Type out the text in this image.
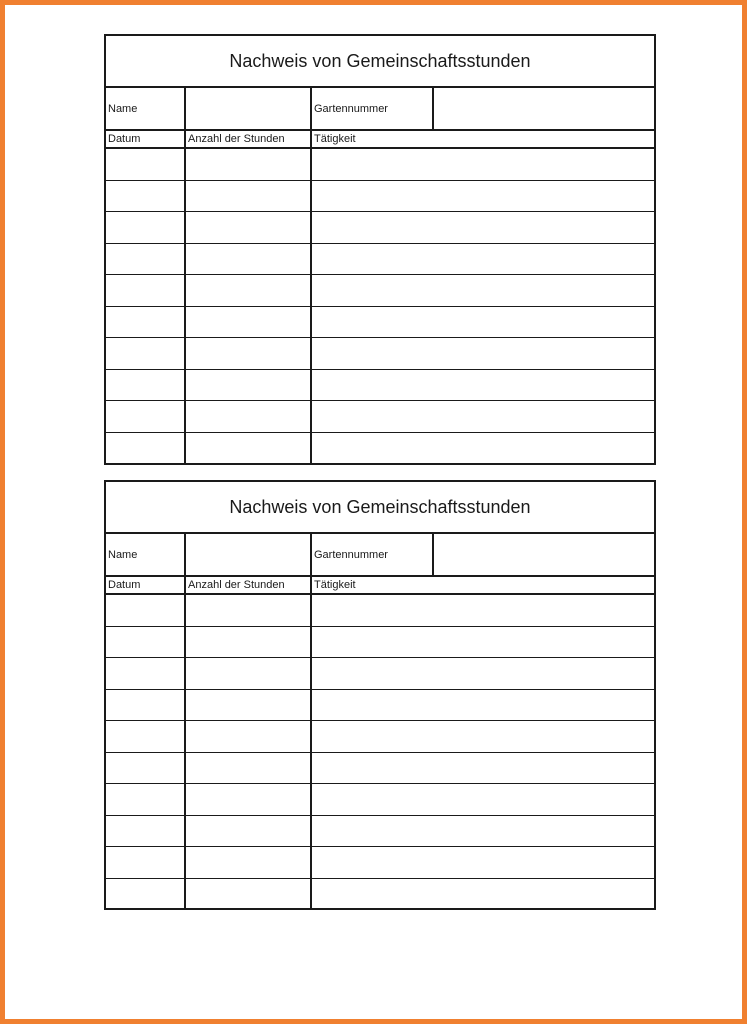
Nachweis von Gemeinschaftsstunden
Name	Gartennummer
Datum	Anzahl der Stunden	Tätigkeit
Nachweis von Gemeinschaftsstunden
Name	Gartennummer
Datum	Anzahl der Stunden	Tätigkeit
